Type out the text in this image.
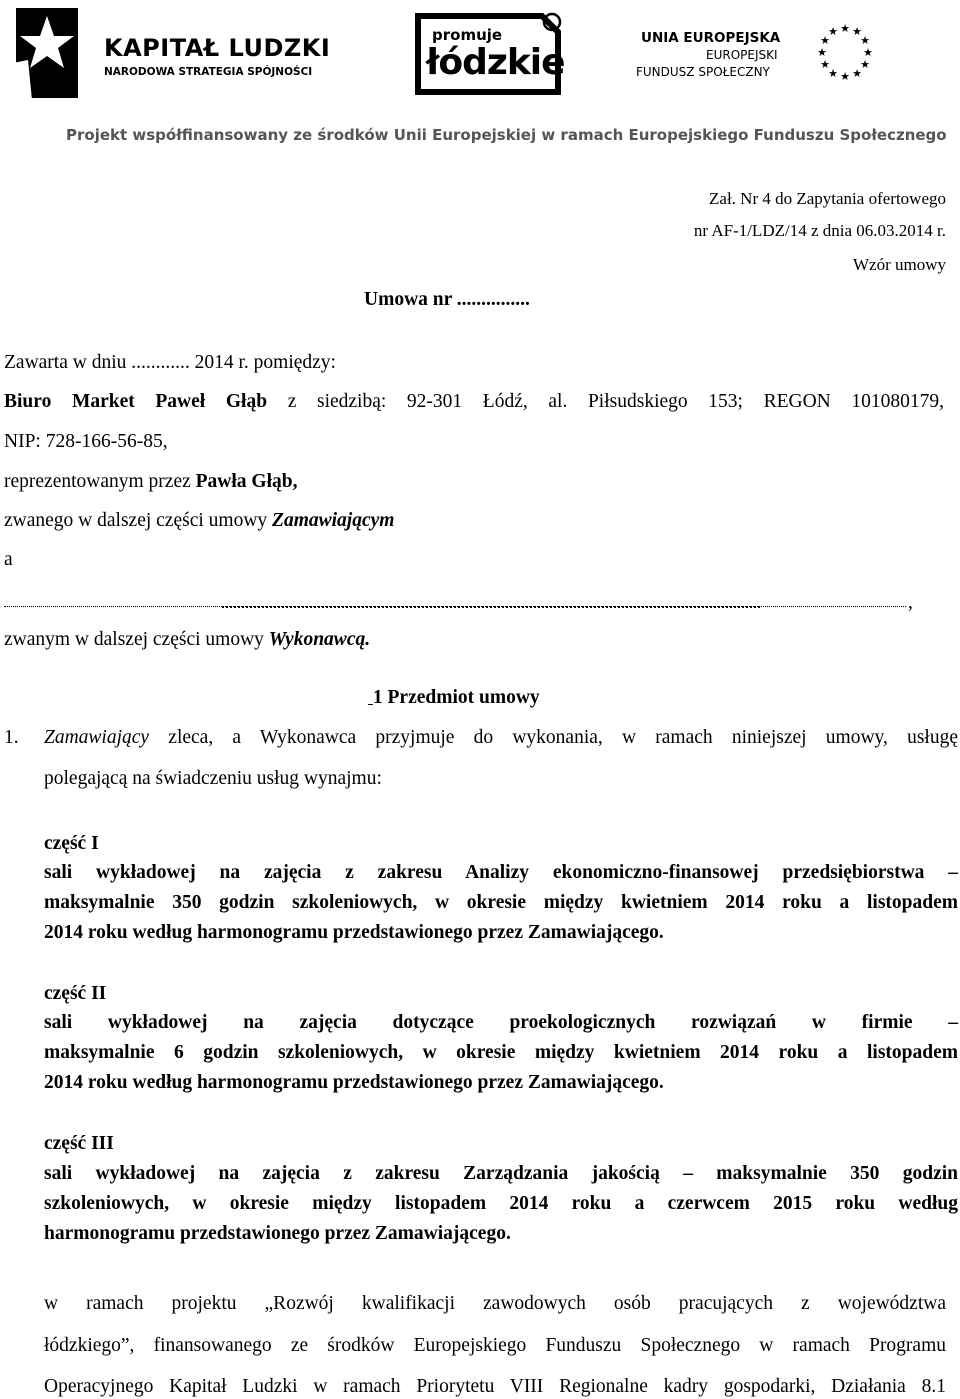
KAPITAŁ LUDZKI
NARODOWA STRATEGIA SPÓJNOŚCI
promuje
łódzkie
UNIA EUROPEJSKA
EUROPEJSKI
FUNDUSZ SPOŁECZNY
★ ★
★
★
★
★
★
★
★
★
★
★
Projekt współfinansowany ze środków Unii Europejskiej w ramach Europejskiego Funduszu Społecznego
Zał. Nr 4 do Zapytania ofertowego
nr AF-1/LDZ/14 z dnia 06.03.2014 r.
Wzór umowy
Umowa nr ...............
Zawarta w dniu ............ 2014 r. pomiędzy:
Biuro Market Paweł Głąb z siedzibą: 92-301 Łódź, al. Piłsudskiego 153; REGON 101080179,
NIP: 728-166-56-85,
reprezentowanym przez Pawła Głąb,
zwanego w dalszej części umowy Zamawiającym
a
,
zwanym w dalszej części umowy Wykonawcą.
1 Przedmiot umowy
1. Zamawiający zleca, a Wykonawca przyjmuje do wykonania, w ramach niniejszej umowy, usługę
polegającą na świadczeniu usług wynajmu:
część I
sali wykładowej na zajęcia z zakresu Analizy ekonomiczno-finansowej przedsiębiorstwa –
maksymalnie 350 godzin szkoleniowych, w okresie między kwietniem 2014 roku a listopadem
2014 roku według harmonogramu przedstawionego przez Zamawiającego.
część II
sali wykładowej na zajęcia dotyczące proekologicznych rozwiązań w firmie –
maksymalnie 6 godzin szkoleniowych, w okresie między kwietniem 2014 roku a listopadem
2014 roku według harmonogramu przedstawionego przez Zamawiającego.
część III
sali wykładowej na zajęcia z zakresu Zarządzania jakością – maksymalnie 350 godzin
szkoleniowych, w okresie między listopadem 2014 roku a czerwcem 2015 roku według
harmonogramu przedstawionego przez Zamawiającego.
w ramach projektu „Rozwój kwalifikacji zawodowych osób pracujących z województwa
łódzkiego”, finansowanego ze środków Europejskiego Funduszu Społecznego w ramach Programu
Operacyjnego Kapitał Ludzki w ramach Priorytetu VIII Regionalne kadry gospodarki, Działania 8.1
